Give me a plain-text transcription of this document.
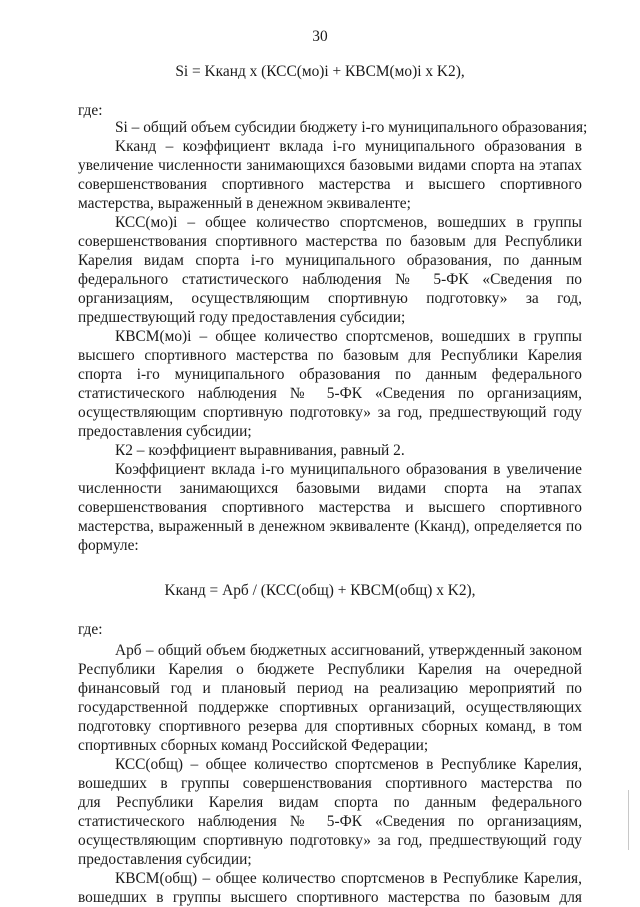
30
Si = Kканд x (КСС(мо)i + КВСМ(мо)i x K2),
где:
Si – общий объем субсидии бюджету i-го муниципального образования;
Kканд – коэффициент вклада i-го муниципального образования в
увеличение численности занимающихся базовыми видами спорта на этапах
совершенствования спортивного мастерства и высшего спортивного
мастерства, выраженный в денежном эквиваленте;
КСС(мо)i – общее количество спортсменов, вошедших в группы
совершенствования спортивного мастерства по базовым для Республики
Карелия видам спорта i-го муниципального образования, по данным
федерального статистического наблюдения № 5-ФК «Сведения по
организациям, осуществляющим спортивную подготовку» за год,
предшествующий году предоставления субсидии;
КВСМ(мо)i – общее количество спортсменов, вошедших в группы
высшего спортивного мастерства по базовым для Республики Карелия
спорта i-го муниципального образования по данным федерального
статистического наблюдения № 5-ФК «Сведения по организациям,
осуществляющим спортивную подготовку» за год, предшествующий году
предоставления субсидии;
К2 – коэффициент выравнивания, равный 2.
Коэффициент вклада i-го муниципального образования в увеличение
численности занимающихся базовыми видами спорта на этапах
совершенствования спортивного мастерства и высшего спортивного
мастерства, выраженный в денежном эквиваленте (Kканд), определяется по
формуле:
Kканд = Арб / (КСС(общ) + КВСМ(общ) x K2),
где:
Арб – общий объем бюджетных ассигнований, утвержденный законом
Республики Карелия о бюджете Республики Карелия на очередной
финансовый год и плановый период на реализацию мероприятий по
государственной поддержке спортивных организаций, осуществляющих
подготовку спортивного резерва для спортивных сборных команд, в том
спортивных сборных команд Российской Федерации;
КСС(общ) – общее количество спортсменов в Республике Карелия,
вошедших в группы совершенствования спортивного мастерства по
для Республики Карелия видам спорта по данным федерального
статистического наблюдения № 5-ФК «Сведения по организациям,
осуществляющим спортивную подготовку» за год, предшествующий году
предоставления субсидии;
КВСМ(общ) – общее количество спортсменов в Республике Карелия,
вошедших в группы высшего спортивного мастерства по базовым для
